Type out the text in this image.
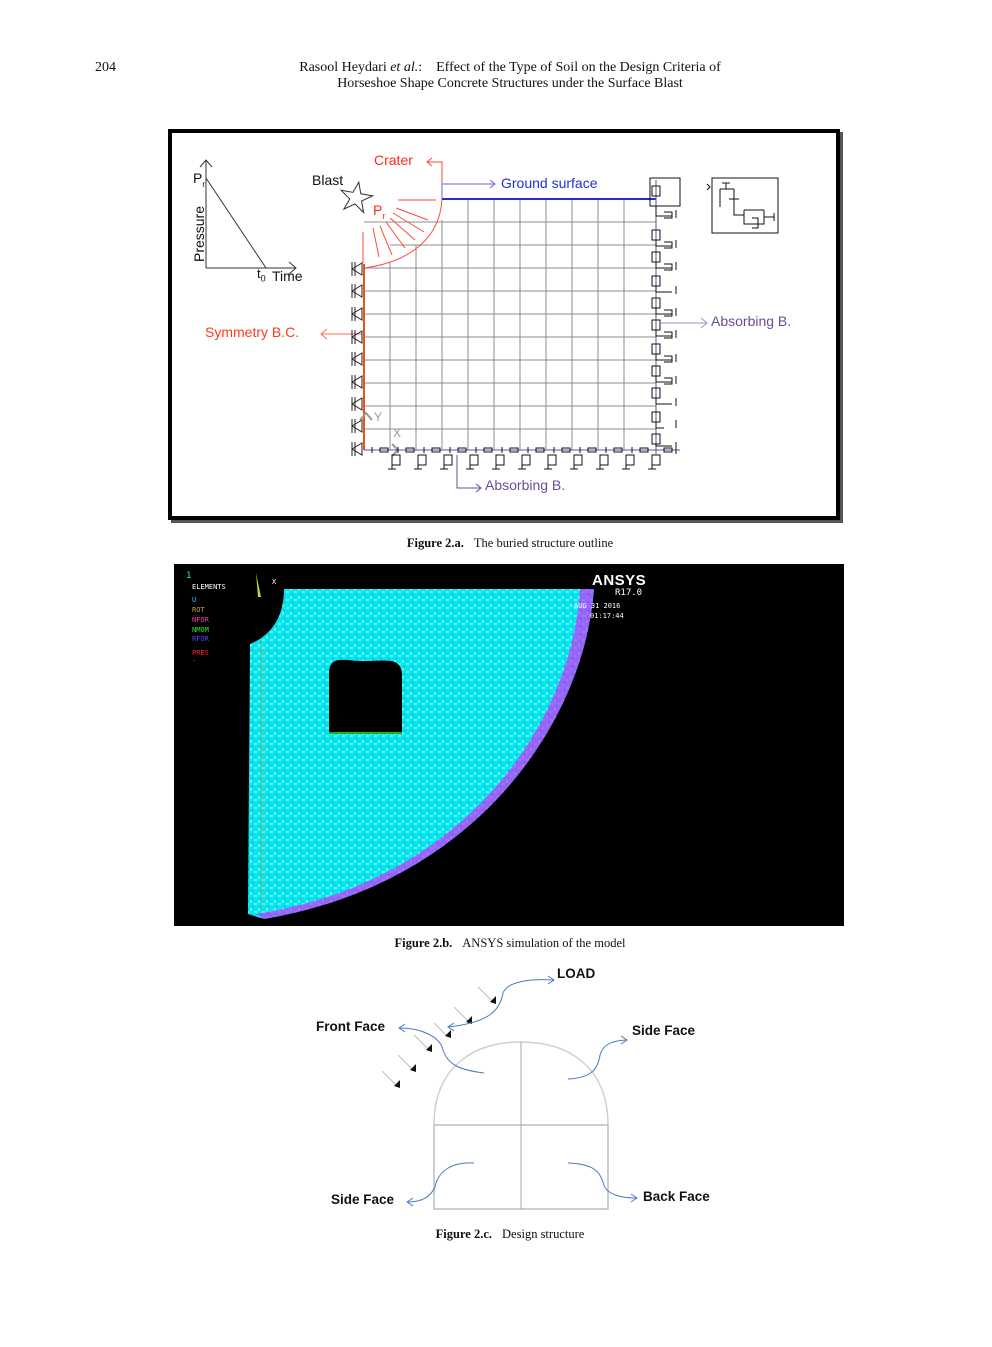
204	Rasool Heydari et al.: Effect of the Type of Soil on the Design Criteria of
Horseshoe Shape Concrete Structures under the Surface Blast
$P_r$
Pressure
$t_0$ Time
Blast
Crater
$P_r$
Ground surface
Symmetry B.C.
Absorbing B.
Absorbing B.
Y
X
Figure 2.a. The buried structure outline
1
ELEMENTS
U
ROT
NFOR
NMOM
RFOR
PRES
-
X	ANSYS
R17.0
AUG 31 2016
01:17:44
Figure 2.b. ANSYS simulation of the model
LOAD
Front Face	Side Face
Side Face	Back Face
Figure 2.c. Design structure
